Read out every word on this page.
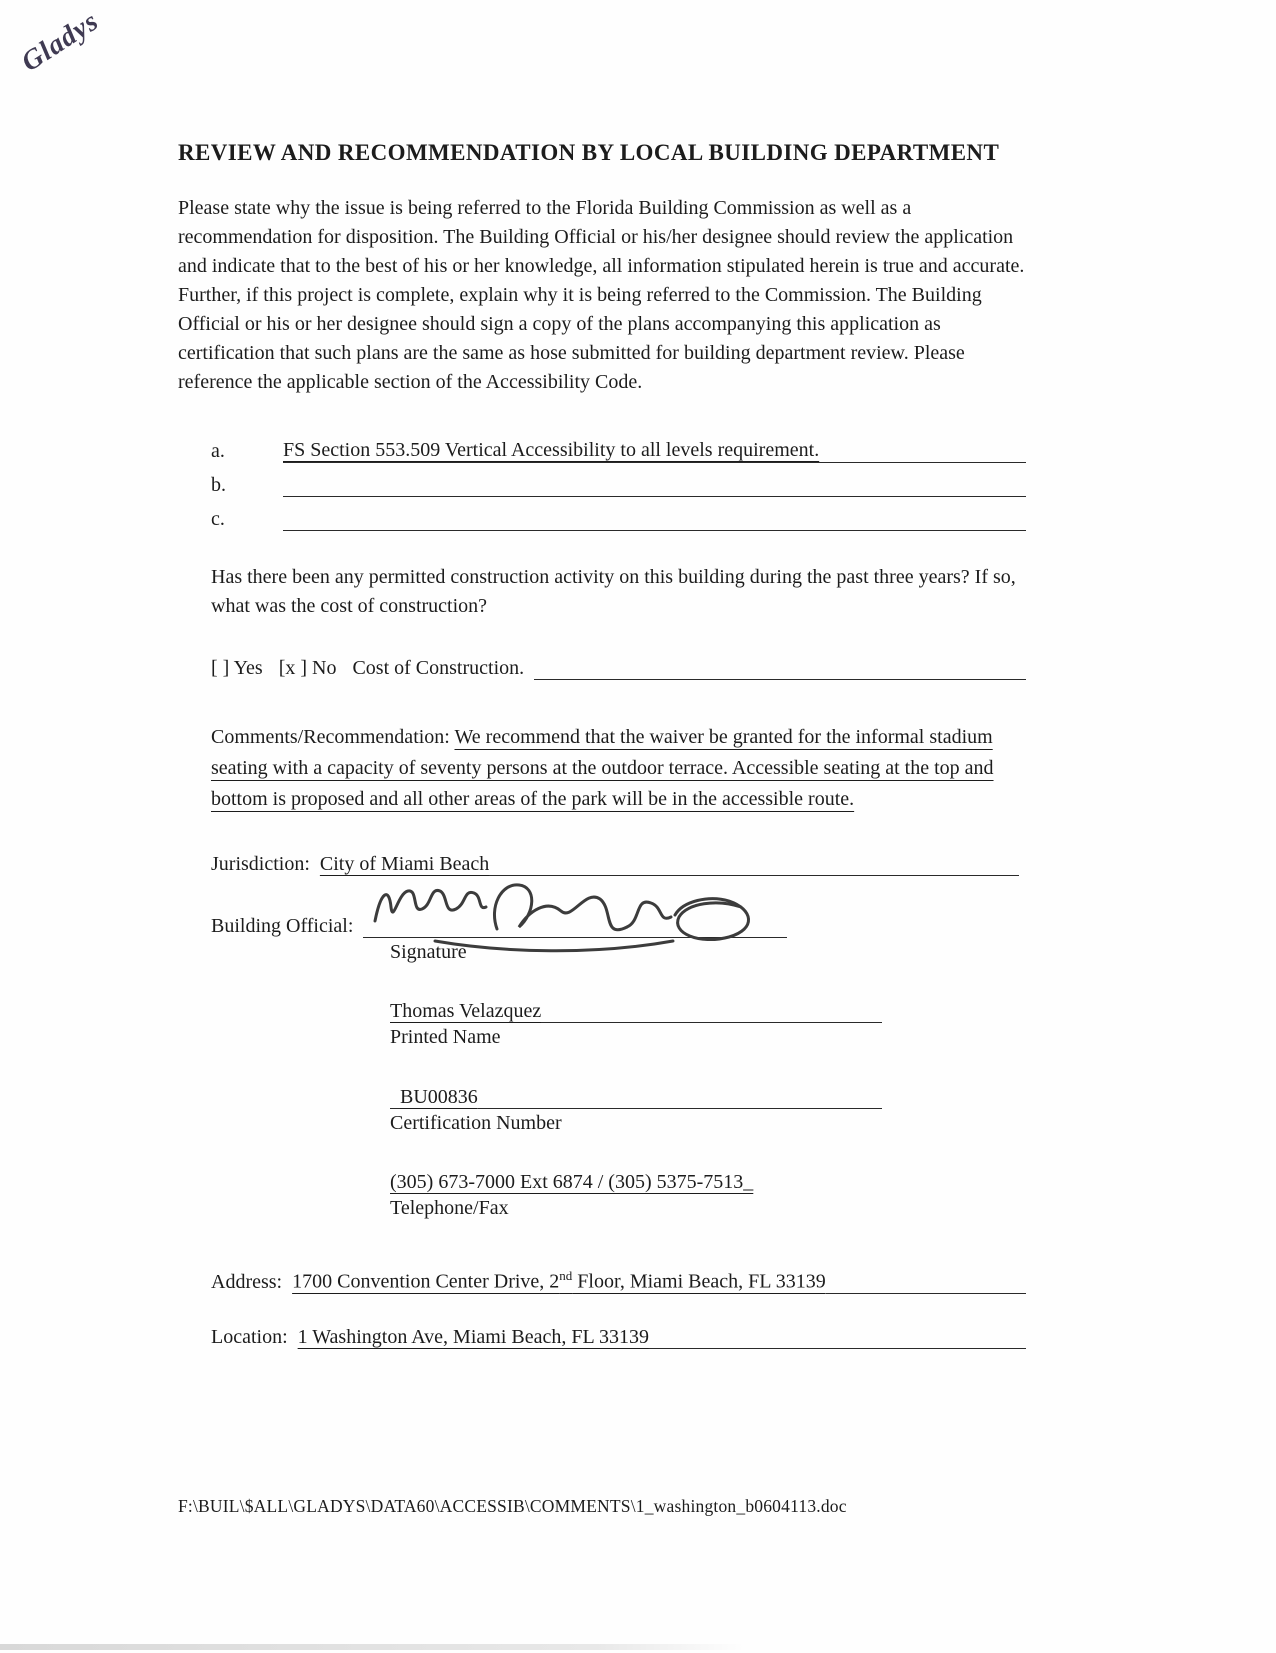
Gladys
REVIEW AND RECOMMENDATION BY LOCAL BUILDING DEPARTMENT

Please state why the issue is being referred to the Florida Building Commission as well as a recommendation for disposition. The Building Official or his/her designee should review the application and indicate that to the best of his or her knowledge, all information stipulated herein is true and accurate. Further, if this project is complete, explain why it is being referred to the Commission. The Building Official or his or her designee should sign a copy of the plans accompanying this application as certification that such plans are the same as hose submitted for building department review. Please reference the applicable section of the Accessibility Code.

a.	FS Section 553.509 Vertical Accessibility to all levels requirement.
b.
c.

Has there been any permitted construction activity on this building during the past three years? If so, what was the cost of construction?

[ ] Yes [x ] No Cost of Construction.

Comments/Recommendation: We recommend that the waiver be granted for the informal stadium seating with a capacity of seventy persons at the outdoor terrace. Accessible seating at the top and bottom is proposed and all other areas of the park will be in the accessible route.

Jurisdiction: City of Miami Beach
Building Official:
Signature
Thomas Velazquez
Printed Name
BU00836
Certification Number
(305) 673-7000 Ext 6874 / (305) 5375-7513_
Telephone/Fax
Address: 1700 Convention Center Drive, 2nd Floor, Miami Beach, FL 33139
Location: 1 Washington Ave, Miami Beach, FL 33139
F:\BUIL\$ALL\GLADYS\DATA60\ACCESSIB\COMMENTS\1_washington_b0604113.doc
